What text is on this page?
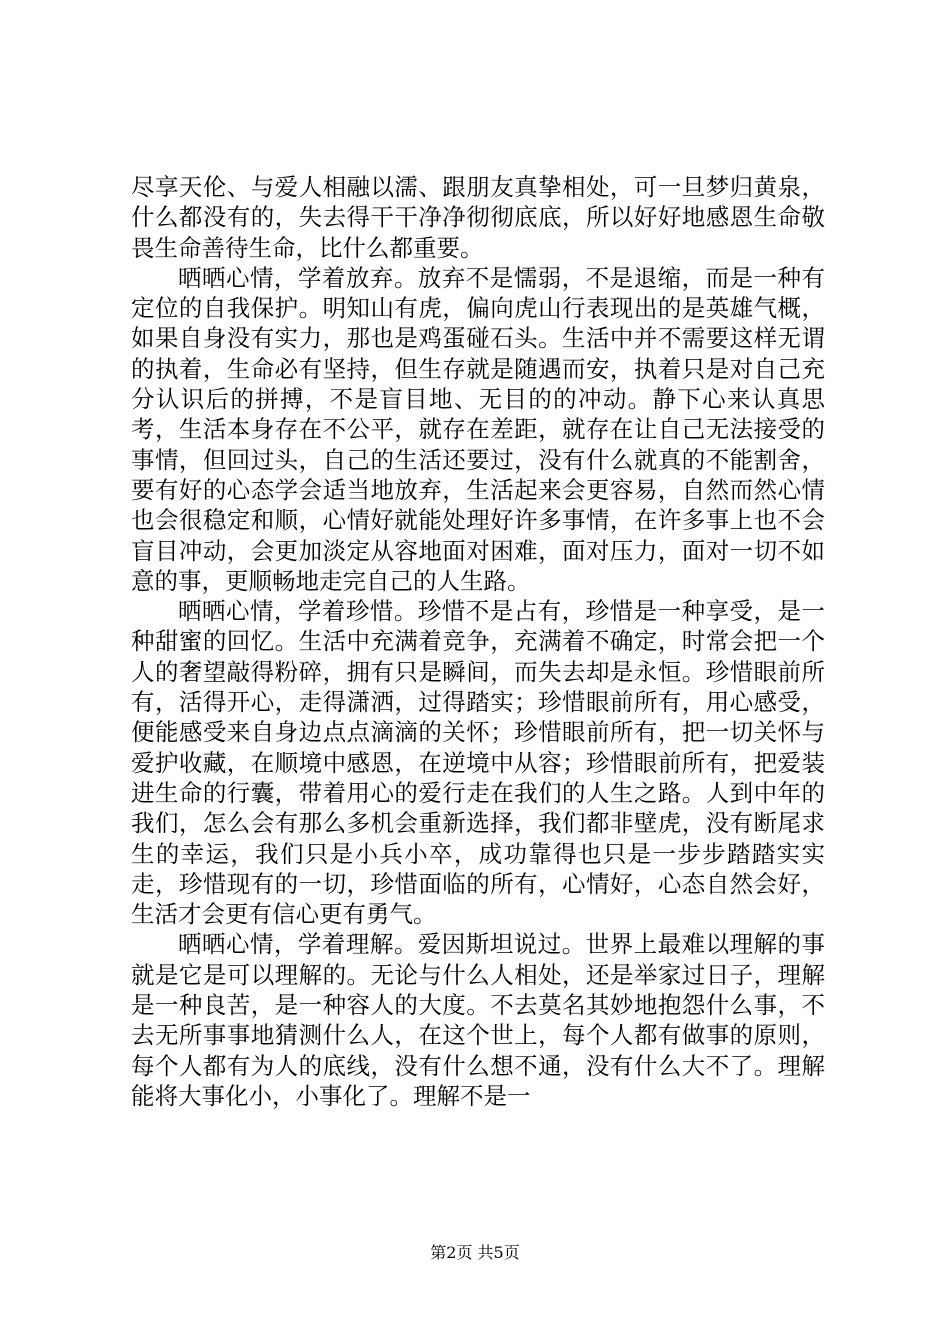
尽享天伦、与爱人相融以濡、跟朋友真挚相处，可一旦梦归黄泉，什么都没有的，失去得干干净净彻彻底底，所以好好地感恩生命敬畏生命善待生命，比什么都重要。

晒晒心情，学着放弃。放弃不是懦弱，不是退缩，而是一种有定位的自我保护。明知山有虎，偏向虎山行表现出的是英雄气概，如果自身没有实力，那也是鸡蛋碰石头。生活中并不需要这样无谓的执着，生命必有坚持，但生存就是随遇而安，执着只是对自己充分认识后的拼搏，不是盲目地、无目的的冲动。静下心来认真思考，生活本身存在不公平，就存在差距，就存在让自己无法接受的事情，但回过头，自己的生活还要过，没有什么就真的不能割舍，要有好的心态学会适当地放弃，生活起来会更容易，自然而然心情也会很稳定和顺，心情好就能处理好许多事情，在许多事上也不会盲目冲动，会更加淡定从容地面对困难，面对压力，面对一切不如意的事，更顺畅地走完自己的人生路。

晒晒心情，学着珍惜。珍惜不是占有，珍惜是一种享受，是一种甜蜜的回忆。生活中充满着竞争，充满着不确定，时常会把一个人的奢望敲得粉碎，拥有只是瞬间，而失去却是永恒。珍惜眼前所有，活得开心，走得潇洒，过得踏实；珍惜眼前所有，用心感受，便能感受来自身边点点滴滴的关怀；珍惜眼前所有，把一切关怀与爱护收藏，在顺境中感恩，在逆境中从容；珍惜眼前所有，把爱装进生命的行囊，带着用心的爱行走在我们的人生之路。人到中年的我们，怎么会有那么多机会重新选择，我们都非壁虎，没有断尾求生的幸运，我们只是小兵小卒，成功靠得也只是一步步踏踏实实走，珍惜现有的一切，珍惜面临的所有，心情好，心态自然会好，生活才会更有信心更有勇气。

晒晒心情，学着理解。爱因斯坦说过。世界上最难以理解的事就是它是可以理解的。无论与什么人相处，还是举家过日子，理解是一种良苦，是一种容人的大度。不去莫名其妙地抱怨什么事，不去无所事事地猜测什么人，在这个世上，每个人都有做事的原则，每个人都有为人的底线，没有什么想不通，没有什么大不了。理解能将大事化小，小事化了。理解不是一

第2页 共5页
